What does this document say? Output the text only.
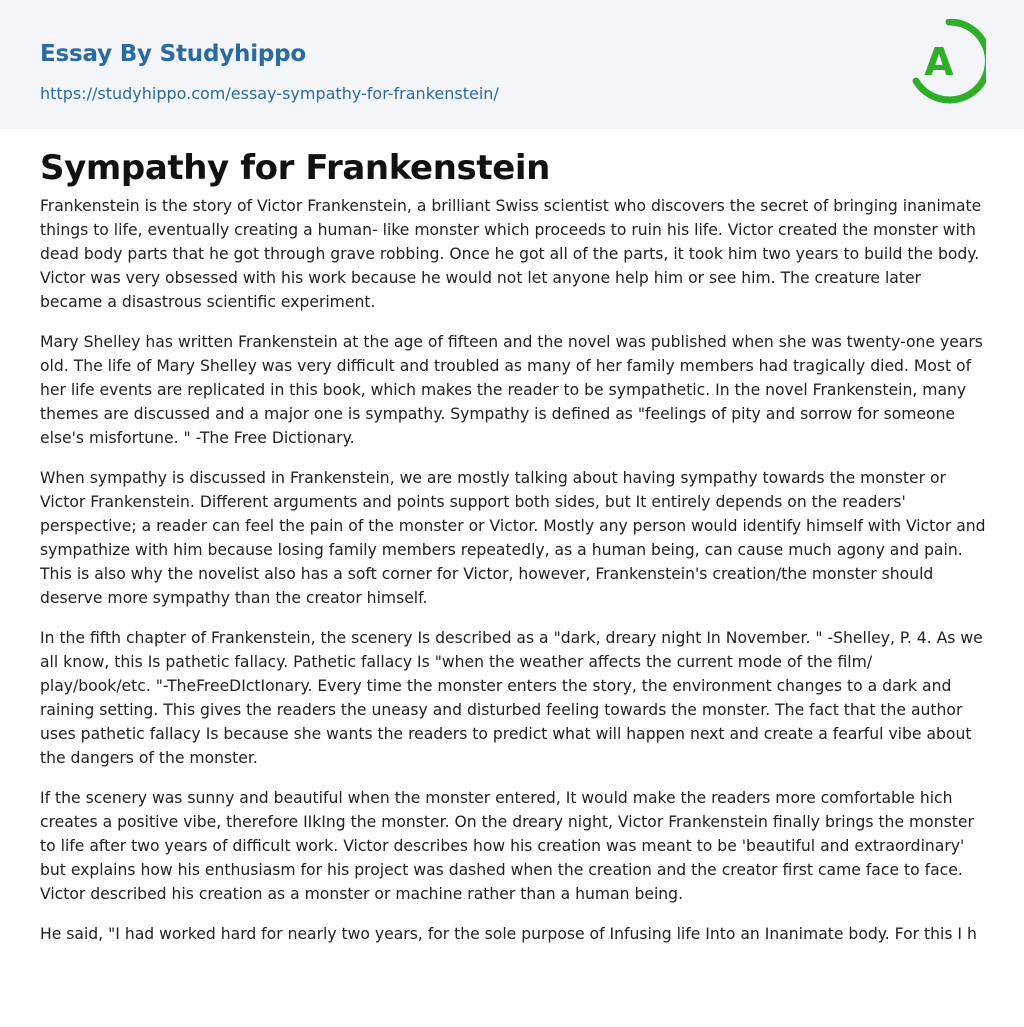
Essay By Studyhippo
https://studyhippo.com/essay-sympathy-for-frankenstein/
A
Sympathy for Frankenstein

Frankenstein is the story of Victor Frankenstein, a brilliant Swiss scientist who discovers the secret of bringing inanimate things to life, eventually creating a human- like monster which proceeds to ruin his life. Victor created the monster with dead body parts that he got through grave robbing. Once he got all of the parts, it took him two years to build the body. Victor was very obsessed with his work because he would not let anyone help him or see him. The creature later became a disastrous scientific experiment.

Mary Shelley has written Frankenstein at the age of fifteen and the novel was published when she was twenty-one years old. The life of Mary Shelley was very difficult and troubled as many of her family members had tragically died. Most of her life events are replicated in this book, which makes the reader to be sympathetic. In the novel Frankenstein, many themes are discussed and a major one is sympathy. Sympathy is defined as "feelings of pity and sorrow for someone else's misfortune. " -The Free Dictionary.

When sympathy is discussed in Frankenstein, we are mostly talking about having sympathy towards the monster or Victor Frankenstein. Different arguments and points support both sides, but It entirely depends on the readers' perspective; a reader can feel the pain of the monster or Victor. Mostly any person would identify himself with Victor and sympathize with him because losing family members repeatedly, as a human being, can cause much agony and pain. This is also why the novelist also has a soft corner for Victor, however, Frankenstein's creation/the monster should deserve more sympathy than the creator himself.

In the fifth chapter of Frankenstein, the scenery Is described as a "dark, dreary night In November. " -Shelley, P. 4. As we all know, this Is pathetic fallacy. Pathetic fallacy Is "when the weather affects the current mode of the film/ play/book/etc. "-TheFreeDIctIonary. Every time the monster enters the story, the environment changes to a dark and raining setting. This gives the readers the uneasy and disturbed feeling towards the monster. The fact that the author uses pathetic fallacy Is because she wants the readers to predict what will happen next and create a fearful vibe about the dangers of the monster.

If the scenery was sunny and beautiful when the monster entered, It would make the readers more comfortable hich creates a positive vibe, therefore IIkIng the monster. On the dreary night, Victor Frankenstein finally brings the monster to life after two years of difficult work. Victor describes how his creation was meant to be 'beautiful and extraordinary' but explains how his enthusiasm for his project was dashed when the creation and the creator first came face to face. Victor described his creation as a monster or machine rather than a human being.

He said, "I had worked hard for nearly two years, for the sole purpose of Infusing life Into an Inanimate body. For this I h
